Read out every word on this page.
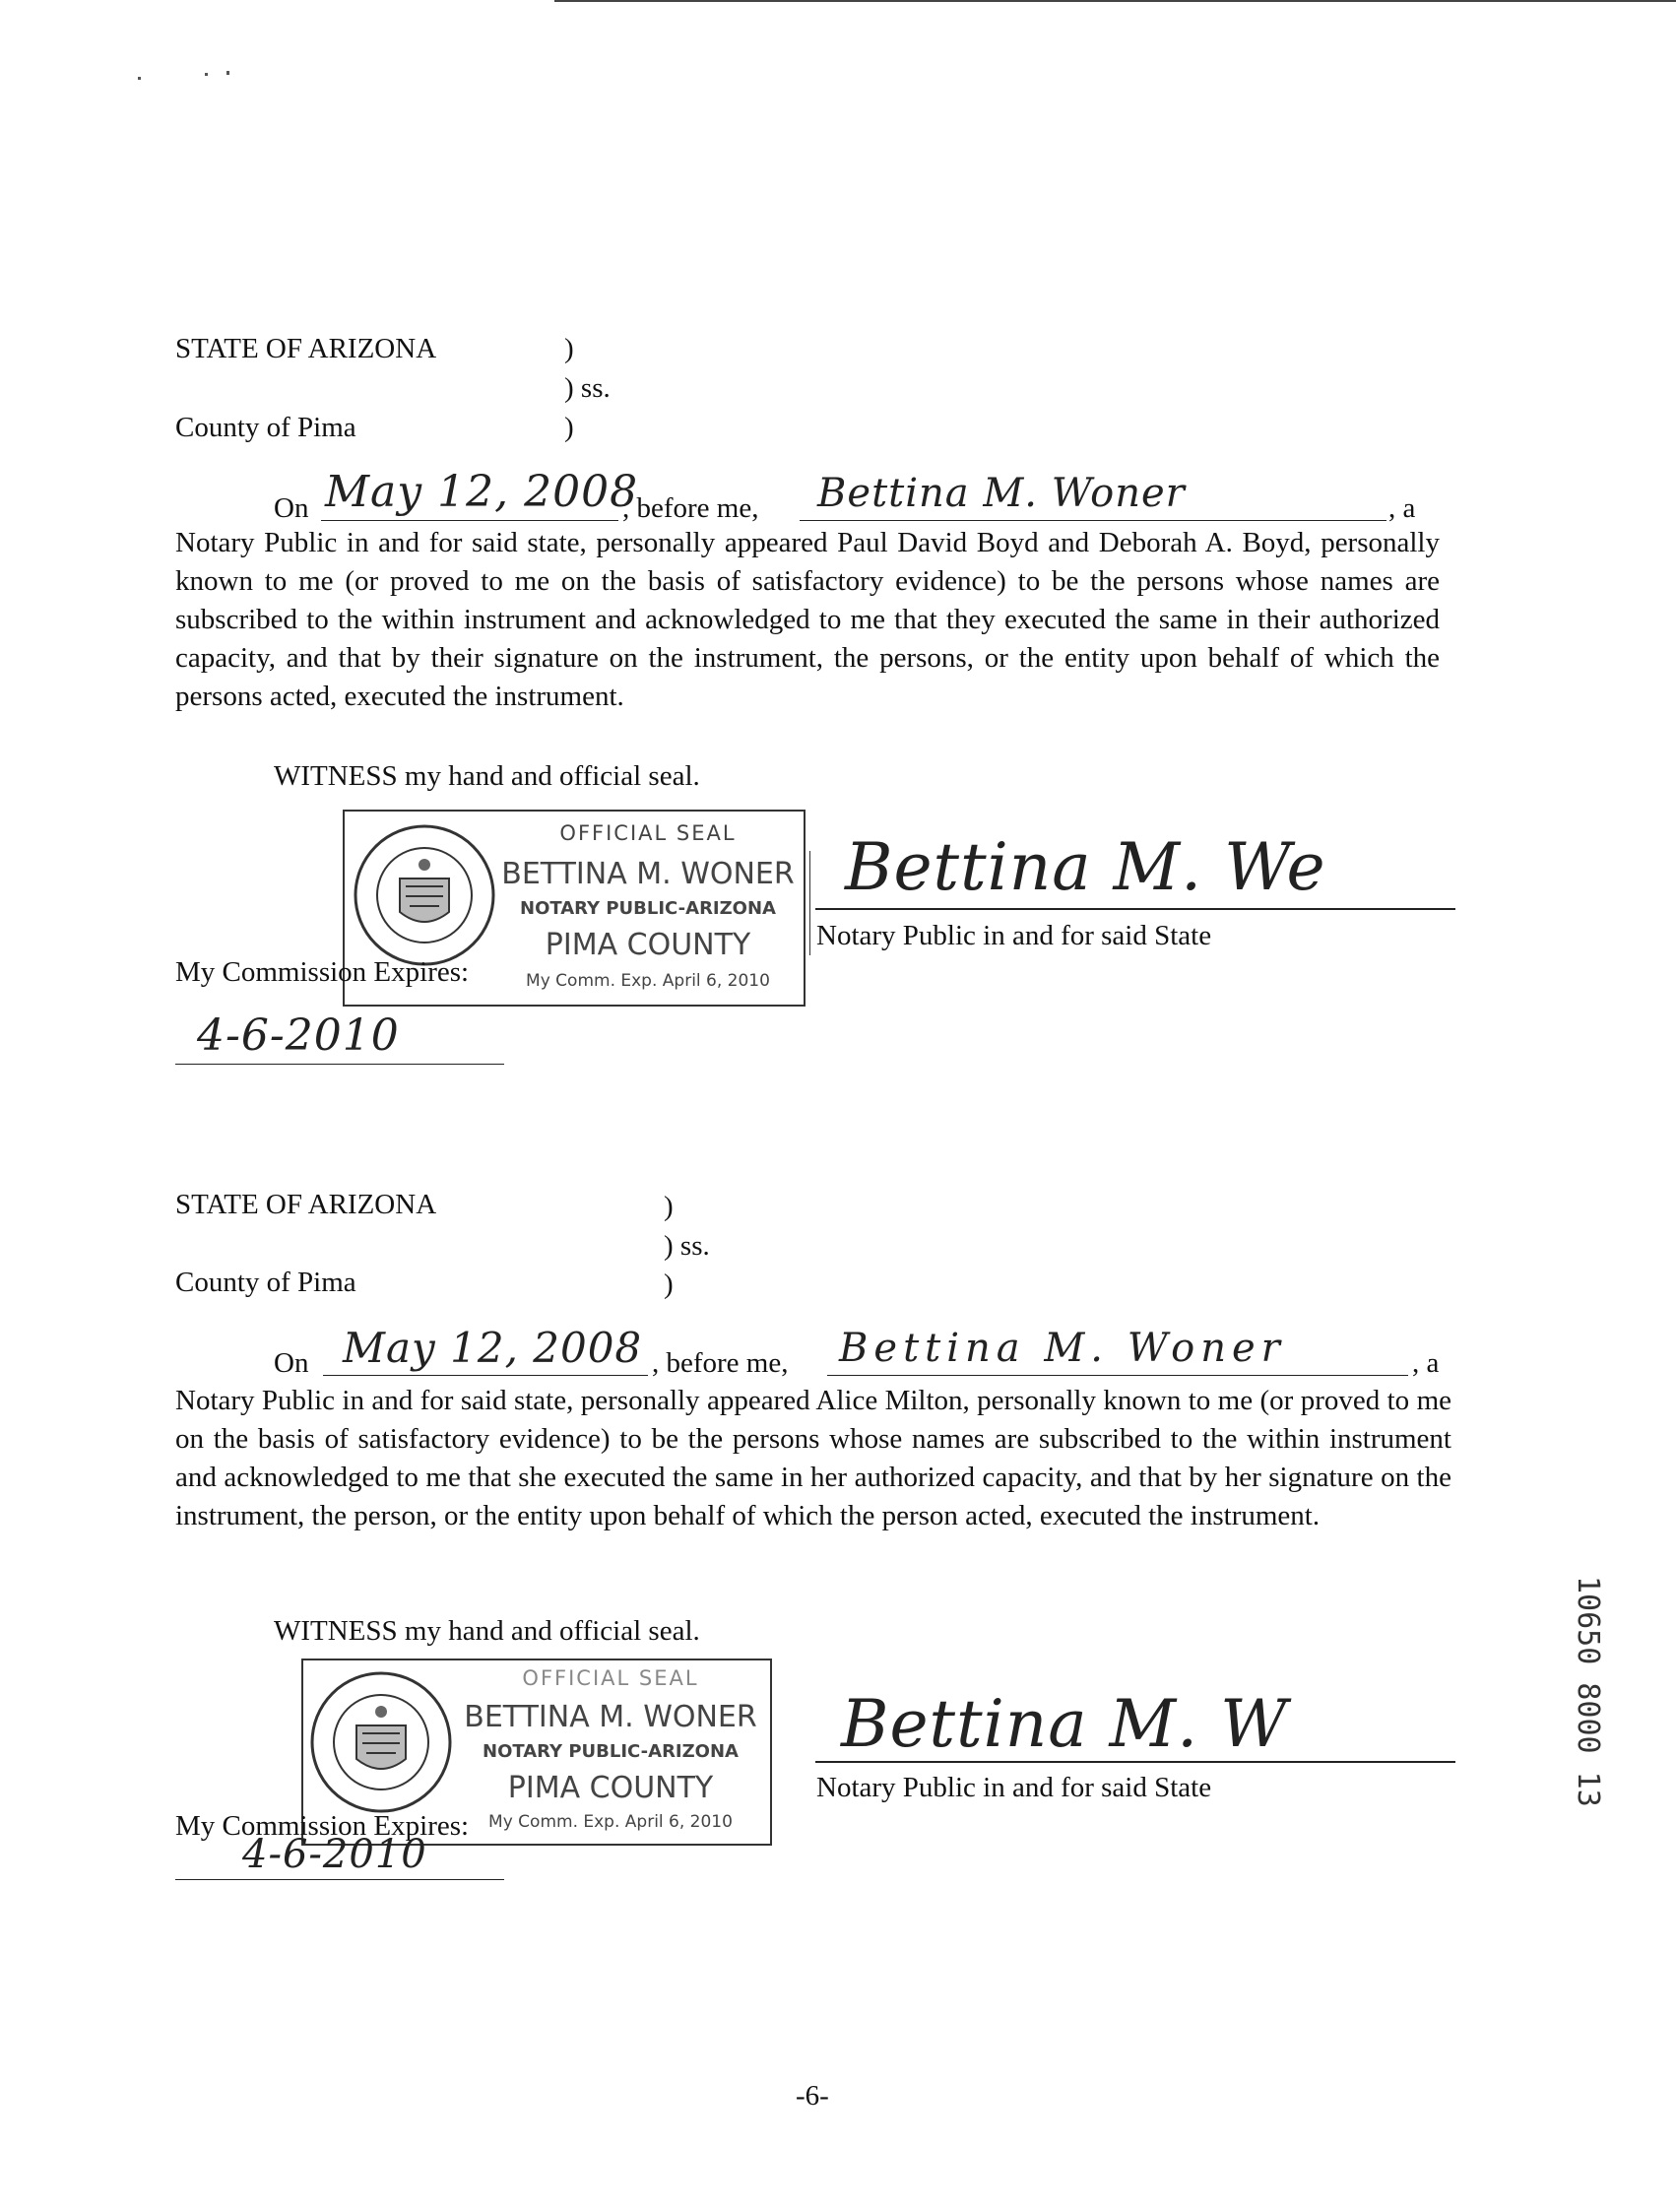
STATE OF ARIZONA	)
) ss.
County of Pima	)
On May 12, 2008
, before me, Bettina M. Woner	, a
Notary Public in and for said state, personally appeared Paul David Boyd and Deborah A. Boyd, personally known to me (or proved to me on the basis of satisfactory evidence) to be the persons whose names are subscribed to the within instrument and acknowledged to me that they executed the same in their authorized capacity, and that by their signature on the instrument, the persons, or the entity upon behalf of which the persons acted, executed the instrument.
WITNESS my hand and official seal.
OFFICIAL SEAL
BETTINA M. WONER
NOTARY PUBLIC-ARIZONA
PIMA COUNTY
My Comm. Exp. April 6, 2010
Bettina M. We
Notary Public in and for said State
My Commission Expires:
4-6-2010
STATE OF ARIZONA	)
) ss.
County of Pima	)
On May 12, 2008 , before me, Bettina M. Woner	, a
Notary Public in and for said state, personally appeared Alice Milton, personally known to me (or proved to me on the basis of satisfactory evidence) to be the persons whose names are subscribed to the within instrument and acknowledged to me that she executed the same in her authorized capacity, and that by her signature on the instrument, the person, or the entity upon behalf of which the person acted, executed the instrument.
WITNESS my hand and official seal.
OFFICIAL SEAL
BETTINA M. WONER
NOTARY PUBLIC-ARIZONA
PIMA COUNTY
My Comm. Exp. April 6, 2010
Bettina M. W
Notary Public in and for said State
My Commission Expires:
4-6-2010
10650 8000 13
-6-
